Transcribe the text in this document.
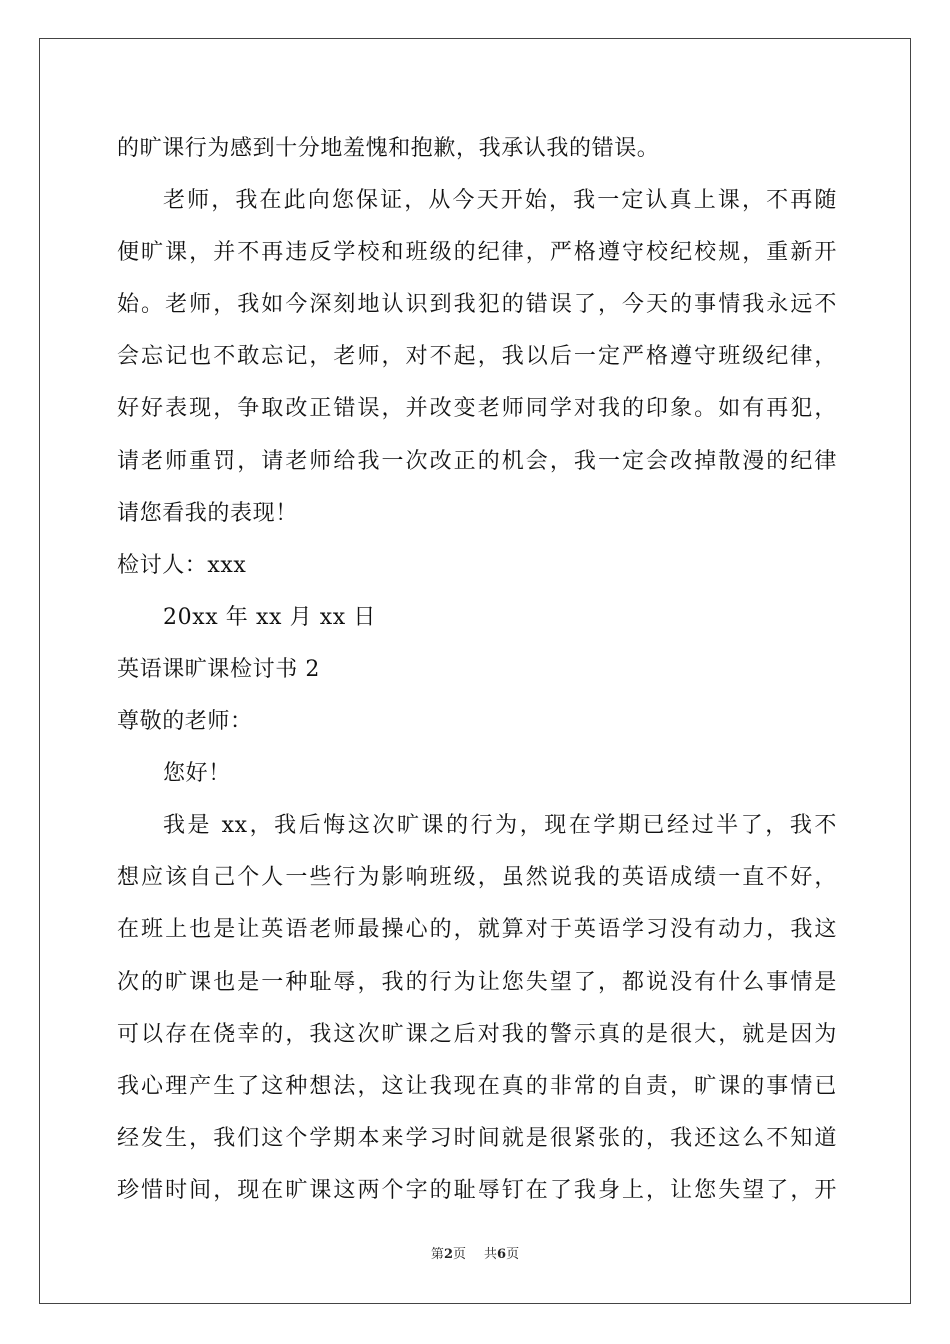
的旷课行为感到十分地羞愧和抱歉，我承认我的错误。
老师，我在此向您保证，从今天开始，我一定认真上课，不再随
便旷课，并不再违反学校和班级的纪律，严格遵守校纪校规，重新开
始。老师，我如今深刻地认识到我犯的错误了，今天的事情我永远不
会忘记也不敢忘记，老师，对不起，我以后一定严格遵守班级纪律，
好好表现，争取改正错误，并改变老师同学对我的印象。如有再犯，
请老师重罚，请老师给我一次改正的机会，我一定会改掉散漫的纪律
请您看我的表现！
检讨人：xxx
20xx 年 xx 月 xx 日
英语课旷课检讨书 2
尊敬的老师：
您好！
我是 xx，我后悔这次旷课的行为，现在学期已经过半了，我不
想应该自己个人一些行为影响班级，虽然说我的英语成绩一直不好，
在班上也是让英语老师最操心的，就算对于英语学习没有动力，我这
次的旷课也是一种耻辱，我的行为让您失望了，都说没有什么事情是
可以存在侥幸的，我这次旷课之后对我的警示真的是很大，就是因为
我心理产生了这种想法，这让我现在真的非常的自责，旷课的事情已
经发生，我们这个学期本来学习时间就是很紧张的，我还这么不知道
珍惜时间，现在旷课这两个字的耻辱钉在了我身上，让您失望了，开
第2页 共6页
